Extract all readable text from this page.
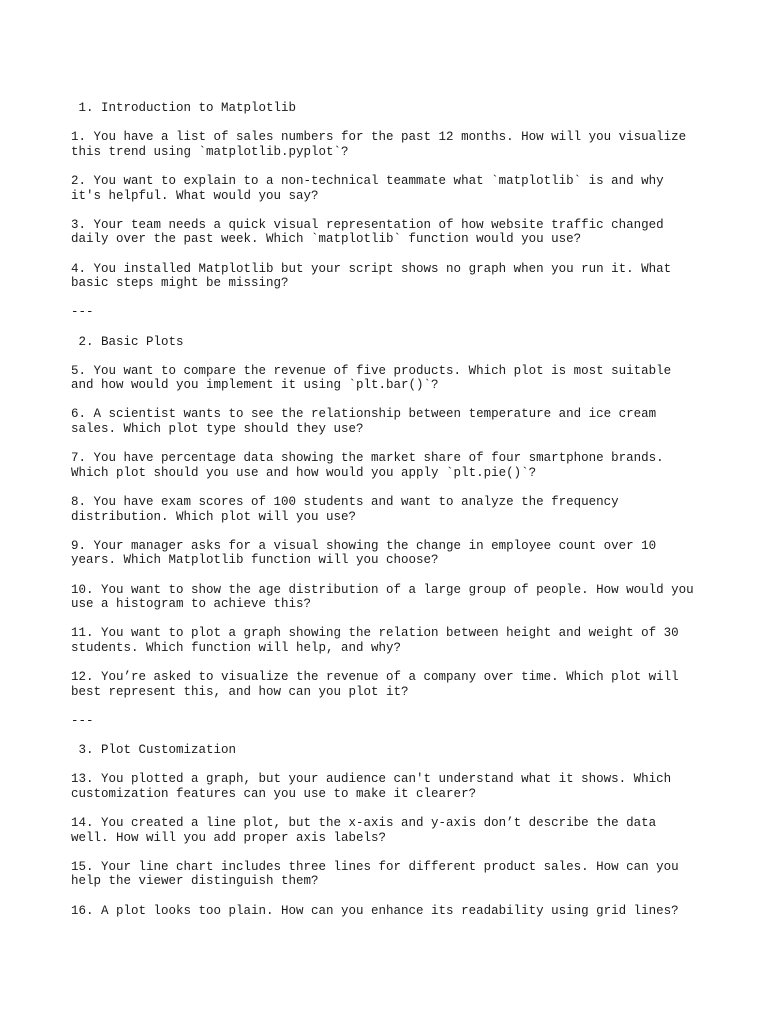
1. Introduction to Matplotlib
1. You have a list of sales numbers for the past 12 months. How will you visualize
this trend using `matplotlib.pyplot`?
2. You want to explain to a non-technical teammate what `matplotlib` is and why
it's helpful. What would you say?
3. Your team needs a quick visual representation of how website traffic changed
daily over the past week. Which `matplotlib` function would you use?
4. You installed Matplotlib but your script shows no graph when you run it. What
basic steps might be missing?
---
2. Basic Plots
5. You want to compare the revenue of five products. Which plot is most suitable
and how would you implement it using `plt.bar()`?
6. A scientist wants to see the relationship between temperature and ice cream
sales. Which plot type should they use?
7. You have percentage data showing the market share of four smartphone brands.
Which plot should you use and how would you apply `plt.pie()`?
8. You have exam scores of 100 students and want to analyze the frequency
distribution. Which plot will you use?
9. Your manager asks for a visual showing the change in employee count over 10
years. Which Matplotlib function will you choose?
10. You want to show the age distribution of a large group of people. How would you
use a histogram to achieve this?
11. You want to plot a graph showing the relation between height and weight of 30
students. Which function will help, and why?
12. You’re asked to visualize the revenue of a company over time. Which plot will
best represent this, and how can you plot it?
---
3. Plot Customization
13. You plotted a graph, but your audience can't understand what it shows. Which
customization features can you use to make it clearer?
14. You created a line plot, but the x-axis and y-axis don’t describe the data
well. How will you add proper axis labels?
15. Your line chart includes three lines for different product sales. How can you
help the viewer distinguish them?
16. A plot looks too plain. How can you enhance its readability using grid lines?
